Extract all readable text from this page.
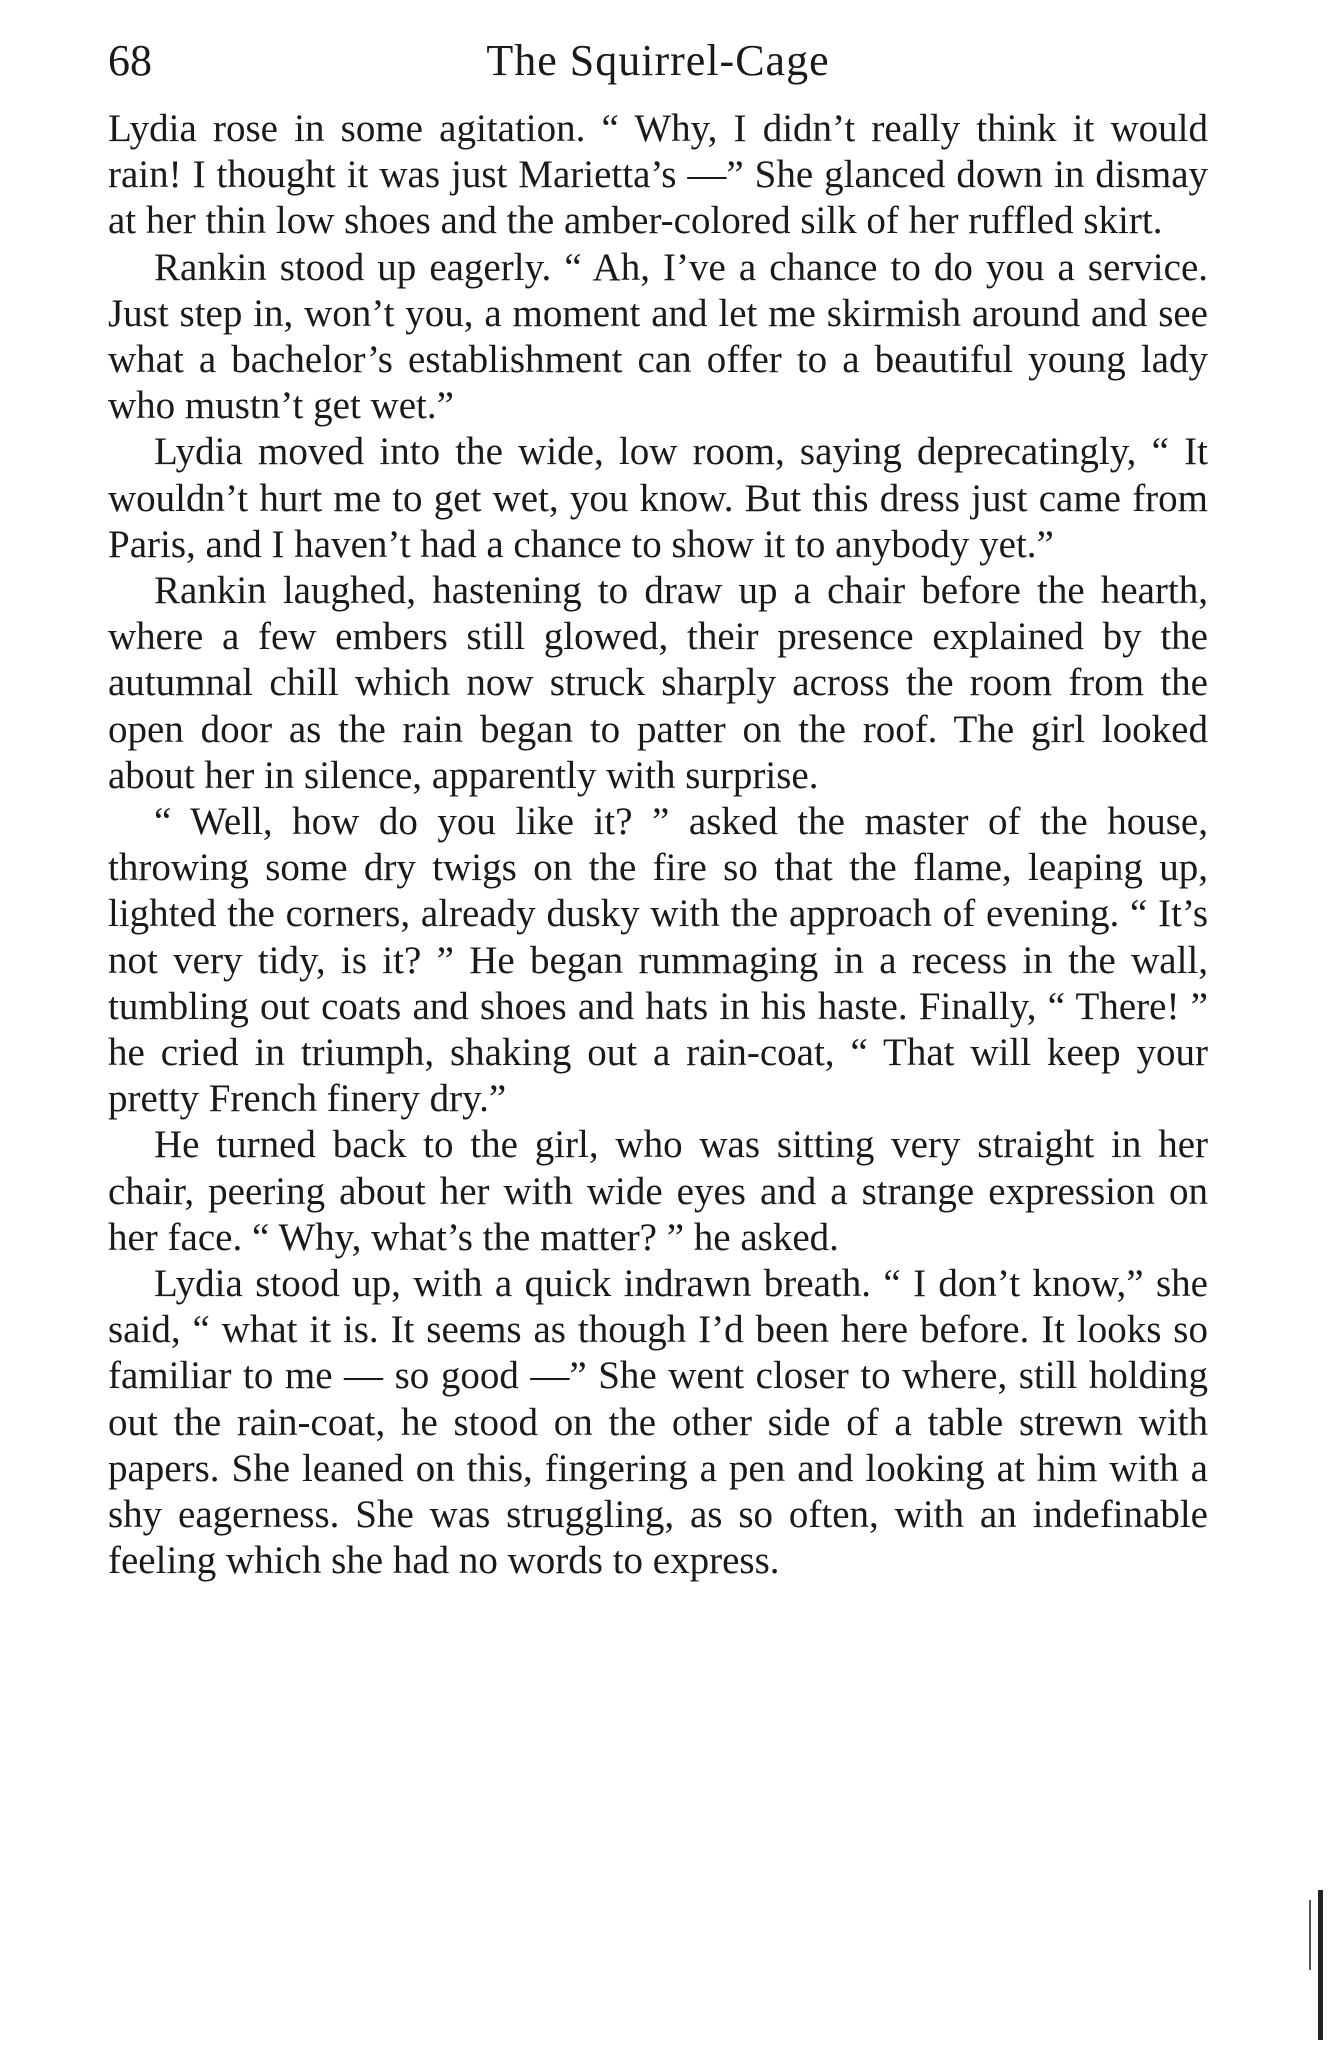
68	The Squirrel-Cage

Lydia rose in some agitation. “ Why, I didn’t really think it would rain! I thought it was just Marietta’s —” She glanced down in dismay at her thin low shoes and the amber-colored silk of her ruffled skirt.

Rankin stood up eagerly. “ Ah, I’ve a chance to do you a service. Just step in, won’t you, a moment and let me skirmish around and see what a bachelor’s establishment can offer to a beautiful young lady who mustn’t get wet.”

Lydia moved into the wide, low room, saying deprecatingly, “ It wouldn’t hurt me to get wet, you know. But this dress just came from Paris, and I haven’t had a chance to show it to anybody yet.”

Rankin laughed, hastening to draw up a chair before the hearth, where a few embers still glowed, their presence explained by the autumnal chill which now struck sharply across the room from the open door as the rain began to patter on the roof. The girl looked about her in silence, apparently with surprise.

“ Well, how do you like it? ” asked the master of the house, throwing some dry twigs on the fire so that the flame, leaping up, lighted the corners, already dusky with the approach of evening. “ It’s not very tidy, is it? ” He began rummaging in a recess in the wall, tumbling out coats and shoes and hats in his haste. Finally, “ There! ” he cried in triumph, shaking out a rain-coat, “ That will keep your pretty French finery dry.”

He turned back to the girl, who was sitting very straight in her chair, peering about her with wide eyes and a strange expression on her face. “ Why, what’s the matter? ” he asked.

Lydia stood up, with a quick indrawn breath. “ I don’t know,” she said, “ what it is. It seems as though I’d been here before. It looks so familiar to me — so good —” She went closer to where, still holding out the rain-coat, he stood on the other side of a table strewn with papers. She leaned on this, fingering a pen and looking at him with a shy eagerness. She was struggling, as so often, with an indefinable feeling which she had no words to express.
